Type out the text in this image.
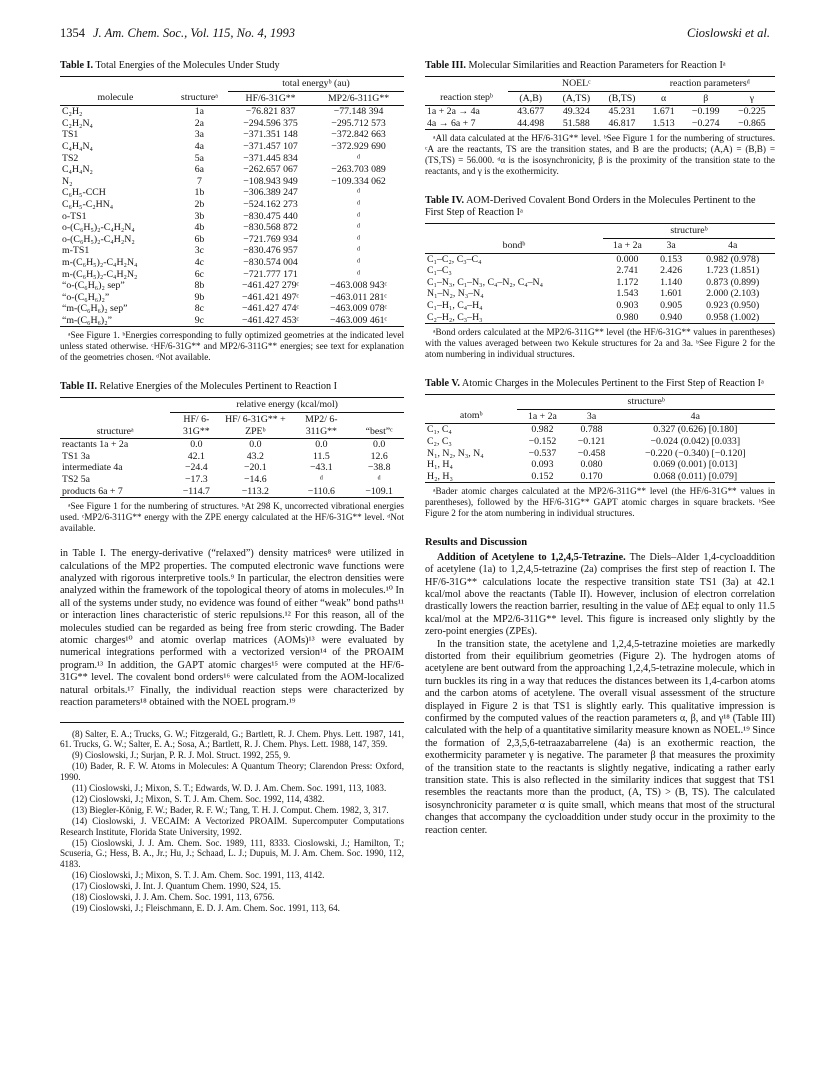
1354 J. Am. Chem. Soc., Vol. 115, No. 4, 1993	Cioslowski et al.

Table I. Total Energies of the Molecules Under Study

		total energyᵇ (au)	
molecule	structureᵃ	HF/6-31G**	MP2/6-311G**
C₂H₂	1a	−76.821 837	−77.148 394
C₂H₂N₄	2a	−294.596 375	−295.712 573
TS1	3a	−371.351 148	−372.842 663
C₄H₄N₄	4a	−371.457 107	−372.929 690
TS2	5a	−371.445 834	ᵈ
C₄H₄N₂	6a	−262.657 067	−263.703 089
N₂	7	−108.943 949	−109.334 062
C₆H₅-CCH	1b	−306.389 247	ᵈ
C₆H₅-C₂HN₄	2b	−524.162 273	ᵈ
o-TS1	3b	−830.475 440	ᵈ
o-(C₆H₅)₂-C₄H₂N₄	4b	−830.568 872	ᵈ
o-(C₆H₅)₂-C₄H₂N₂	6b	−721.769 934	ᵈ
m-TS1	3c	−830.476 957	ᵈ
m-(C₆H₅)₂-C₄H₂N₄	4c	−830.574 004	ᵈ
m-(C₆H₅)₂-C₄H₂N₂	6c	−721.777 171	ᵈ
“o-(C₆H₆)₂ sep”	8b	−461.427 279ᶜ	−463.008 943ᶜ
“o-(C₆H₆)₂”	9b	−461.421 497ᶜ	−463.011 281ᶜ
“m-(C₆H₆)₂ sep”	8c	−461.427 474ᶜ	−463.009 078ᶜ
“m-(C₆H₆)₂”	9c	−461.427 453ᶜ	−463.009 461ᶜ

ᵃSee Figure 1. ᵇEnergies corresponding to fully optimized geometries at the indicated level unless stated otherwise. ᶜHF/6-31G** and MP2/6-311G** energies; see text for explanation of the geometries chosen. ᵈNot available.

Table II. Relative Energies of the Molecules Pertinent to Reaction I

	relative energy (kcal/mol)			
structureᵃ	HF/ 6-31G**	HF/ 6-31G** + ZPEᵇ	MP2/ 6-311G**	“best”ᶜ
reactants 1a + 2a	0.0	0.0	0.0	0.0
TS1 3a	42.1	43.2	11.5	12.6
intermediate 4a	−24.4	−20.1	−43.1	−38.8
TS2 5a	−17.3	−14.6	ᵈ	ᵈ
products 6a + 7	−114.7	−113.2	−110.6	−109.1

ᵃSee Figure 1 for the numbering of structures. ᵇAt 298 K, uncorrected vibrational energies used. ᶜMP2/6-311G** energy with the ZPE energy calculated at the HF/6-31G** level. ᵈNot available.

in Table I. The energy-derivative (“relaxed”) density matrices⁸ were utilized in calculations of the MP2 properties. The computed electronic wave functions were analyzed with rigorous interpretive tools.⁹ In particular, the electron densities were analyzed within the framework of the topological theory of atoms in molecules.¹⁰ In all of the systems under study, no evidence was found of either “weak” bond paths¹¹ or interaction lines characteristic of steric repulsions.¹² For this reason, all of the molecules studied can be regarded as being free from steric crowding. The Bader atomic charges¹⁰ and atomic overlap matrices (AOMs)¹³ were evaluated by numerical integrations performed with a vectorized version¹⁴ of the PROAIM program.¹³ In addition, the GAPT atomic charges¹⁵ were computed at the HF/6-31G** level. The covalent bond orders¹⁶ were calculated from the AOM-localized natural orbitals.¹⁷ Finally, the individual reaction steps were characterized by reaction parameters¹⁸ obtained with the NOEL program.¹⁹

(8) Salter, E. A.; Trucks, G. W.; Fitzgerald, G.; Bartlett, R. J. Chem. Phys. Lett. 1987, 141, 61. Trucks, G. W.; Salter, E. A.; Sosa, A.; Bartlett, R. J. Chem. Phys. Lett. 1988, 147, 359.

(9) Cioslowski, J.; Surjan, P. R. J. Mol. Struct. 1992, 255, 9.

(10) Bader, R. F. W. Atoms in Molecules: A Quantum Theory; Clarendon Press: Oxford, 1990.

(11) Cioslowski, J.; Mixon, S. T.; Edwards, W. D. J. Am. Chem. Soc. 1991, 113, 1083.

(12) Cioslowski, J.; Mixon, S. T. J. Am. Chem. Soc. 1992, 114, 4382.

(13) Biegler-König, F. W.; Bader, R. F. W.; Tang, T. H. J. Comput. Chem. 1982, 3, 317.

(14) Cioslowski, J. VECAIM: A Vectorized PROAIM. Supercomputer Computations Research Institute, Florida State University, 1992.

(15) Cioslowski, J. J. Am. Chem. Soc. 1989, 111, 8333. Cioslowski, J.; Hamilton, T.; Scuseria, G.; Hess, B. A., Jr.; Hu, J.; Schaad, L. J.; Dupuis, M. J. Am. Chem. Soc. 1990, 112, 4183.

(16) Cioslowski, J.; Mixon, S. T. J. Am. Chem. Soc. 1991, 113, 4142.

(17) Cioslowski, J. Int. J. Quantum Chem. 1990, S24, 15.

(18) Cioslowski, J. J. Am. Chem. Soc. 1991, 113, 6756.

(19) Cioslowski, J.; Fleischmann, E. D. J. Am. Chem. Soc. 1991, 113, 64.

Table III. Molecular Similarities and Reaction Parameters for Reaction Iᵃ

	NOELᶜ			reaction parametersᵈ		
reaction stepᵇ	(A,B)	(A,TS)	(B,TS)	α	β	γ
1a + 2a → 4a	43.677	49.324	45.231	1.671	−0.199	−0.225
4a → 6a + 7	44.498	51.588	46.817	1.513	−0.274	−0.865

ᵃAll data calculated at the HF/6-31G** level. ᵇSee Figure 1 for the numbering of structures. ᶜA are the reactants, TS are the transition states, and B are the products; (A,A) = (B,B) = (TS,TS) = 56.000. ᵈα is the isosynchronicity, β is the proximity of the transition state to the reactants, and γ is the exothermicity.

Table IV. AOM-Derived Covalent Bond Orders in the Molecules Pertinent to the First Step of Reaction Iᵃ

	structureᵇ		
bondᵇ	1a + 2a	3a	4a
C₁–C₂, C₃–C₄	0.000	0.153	0.982 (0.978)
C₁–C₃	2.741	2.426	1.723 (1.851)
C₁–N₃, C₁–N₃, C₄–N₂, C₄–N₄	1.172	1.140	0.873 (0.899)
N₁–N₂, N₃–N₄	1.543	1.601	2.000 (2.103)
C₁–H₁, C₄–H₄	0.903	0.905	0.923 (0.950)
C₂–H₂, C₃–H₃	0.980	0.940	0.958 (1.002)

ᵃBond orders calculated at the MP2/6-311G** level (the HF/6-31G** values in parentheses) with the values averaged between two Kekule structures for 2a and 3a. ᵇSee Figure 2 for the atom numbering in individual structures.

Table V. Atomic Charges in the Molecules Pertinent to the First Step of Reaction Iᵃ

	structureᵇ		
atomᵇ	1a + 2a	3a	4a
C₁, C₄	0.982	0.788	0.327 (0.626) [0.180]
C₂, C₃	−0.152	−0.121	−0.024 (0.042) [0.033]
N₁, N₂, N₃, N₄	−0.537	−0.458	−0.220 (−0.340) [−0.120]
H₁, H₄	0.093	0.080	0.069 (0.001) [0.013]
H₂, H₃	0.152	0.170	0.068 (0.011) [0.079]

ᵃBader atomic charges calculated at the MP2/6-311G** level (the HF/6-31G** values in parentheses), followed by the HF/6-31G** GAPT atomic charges in square brackets. ᵇSee Figure 2 for the atom numbering in individual structures.

Results and Discussion

Addition of Acetylene to 1,2,4,5-Tetrazine. The Diels–Alder 1,4-cycloaddition of acetylene (1a) to 1,2,4,5-tetrazine (2a) comprises the first step of reaction I. The HF/6-31G** calculations locate the respective transition state TS1 (3a) at 42.1 kcal/mol above the reactants (Table II). However, inclusion of electron correlation drastically lowers the reaction barrier, resulting in the value of ΔE‡ equal to only 11.5 kcal/mol at the MP2/6-311G** level. This figure is increased only slightly by the zero-point energies (ZPEs).

In the transition state, the acetylene and 1,2,4,5-tetrazine moieties are markedly distorted from their equilibrium geometries (Figure 2). The hydrogen atoms of acetylene are bent outward from the approaching 1,2,4,5-tetrazine molecule, which in turn buckles its ring in a way that reduces the distances between its 1,4-carbon atoms and the carbon atoms of acetylene. The overall visual assessment of the structure displayed in Figure 2 is that TS1 is slightly early. This qualitative impression is confirmed by the computed values of the reaction parameters α, β, and γ¹⁸ (Table III) calculated with the help of a quantitative similarity measure known as NOEL.¹⁹ Since the formation of 2,3,5,6-tetraazabarrelene (4a) is an exothermic reaction, the exothermicity parameter γ is negative. The parameter β that measures the proximity of the transition state to the reactants is slightly negative, indicating a rather early transition state. This is also reflected in the similarity indices that suggest that TS1 resembles the reactants more than the product, (A, TS) > (B, TS). The calculated isosynchronicity parameter α is quite small, which means that most of the structural changes that accompany the cycloaddition under study occur in the proximity to the reaction center.
